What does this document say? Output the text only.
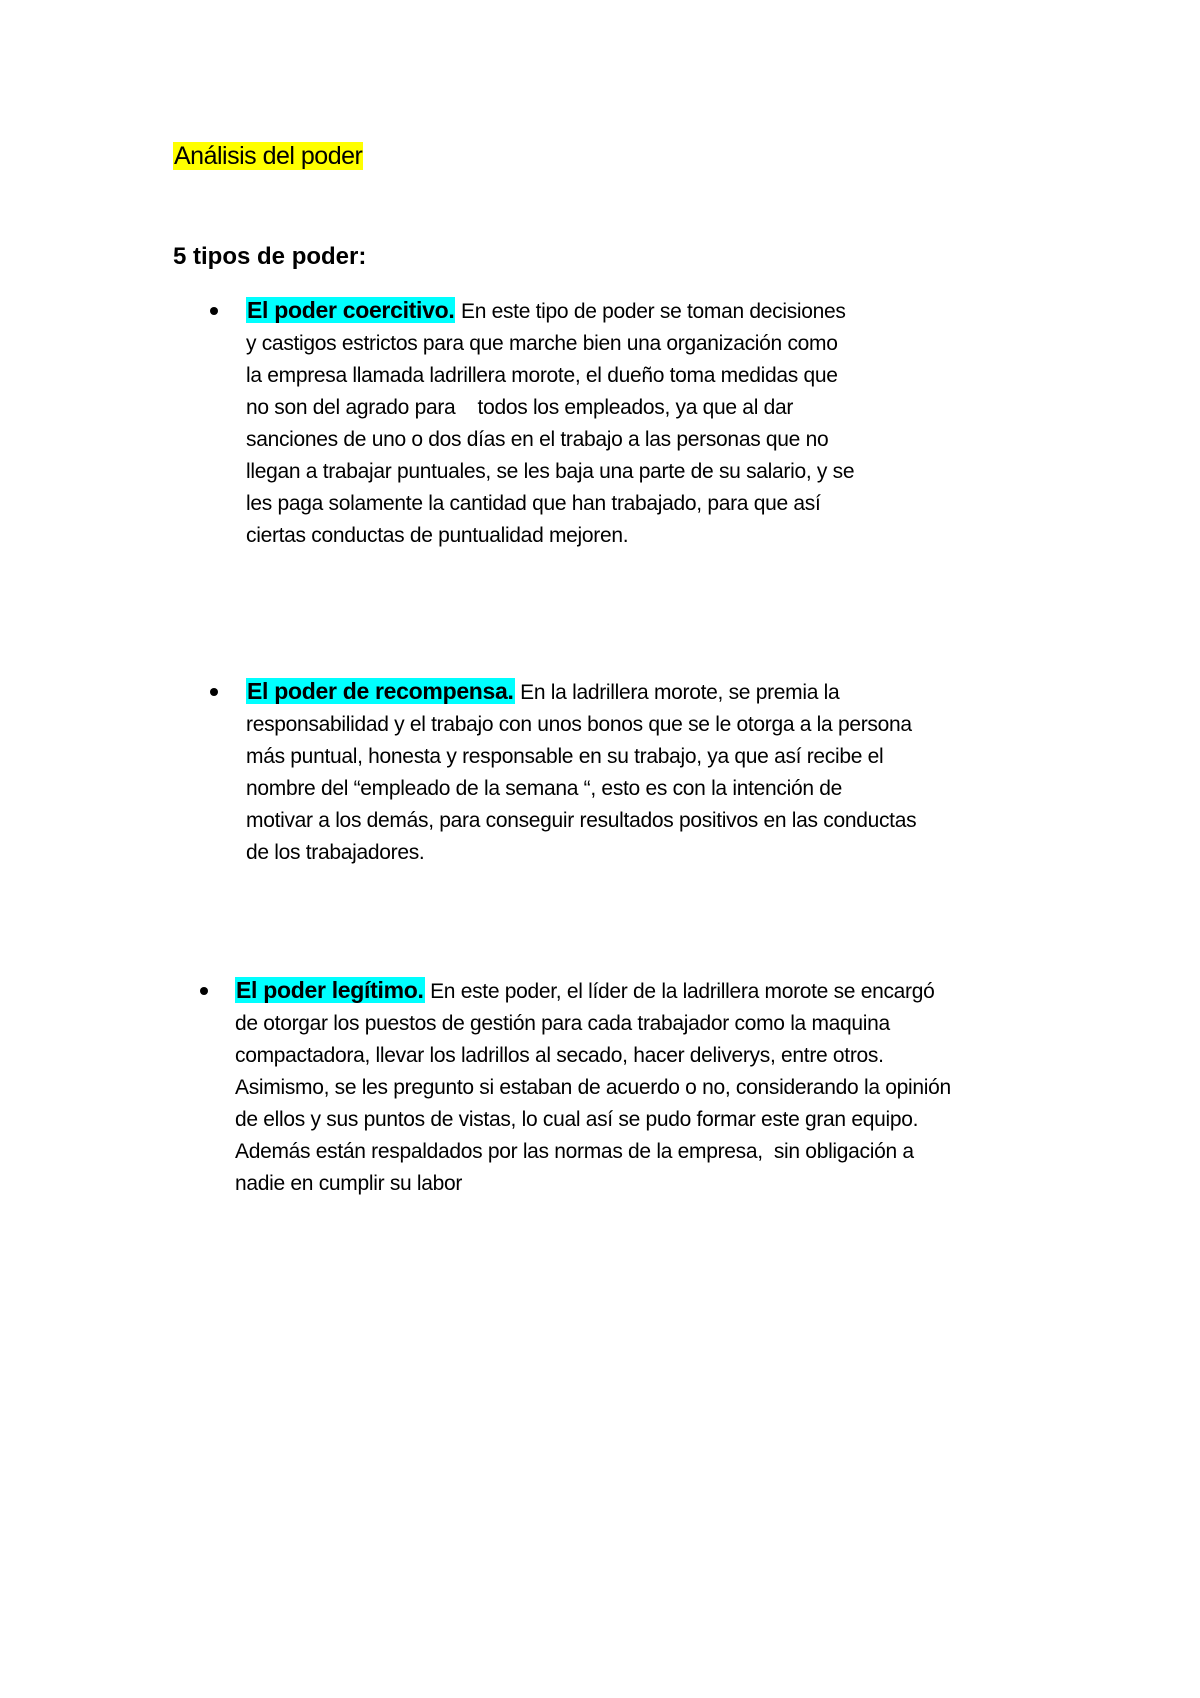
Análisis del poder
5 tipos de poder:
El poder coercitivo. En este tipo de poder se toman decisiones
y castigos estrictos para que marche bien una organización como
la empresa llamada ladrillera morote, el dueño toma medidas que
no son del agrado para    todos los empleados, ya que al dar
sanciones de uno o dos días en el trabajo a las personas que no
llegan a trabajar puntuales, se les baja una parte de su salario, y se
les paga solamente la cantidad que han trabajado, para que así
ciertas conductas de puntualidad mejoren.
El poder de recompensa. En la ladrillera morote, se premia la
responsabilidad y el trabajo con unos bonos que se le otorga a la persona
más puntual, honesta y responsable en su trabajo, ya que así recibe el
nombre del “empleado de la semana “, esto es con la intención de
motivar a los demás, para conseguir resultados positivos en las conductas
de los trabajadores.
El poder legítimo. En este poder, el líder de la ladrillera morote se encargó
de otorgar los puestos de gestión para cada trabajador como la maquina
compactadora, llevar los ladrillos al secado, hacer deliverys, entre otros.
Asimismo, se les pregunto si estaban de acuerdo o no, considerando la opinión
de ellos y sus puntos de vistas, lo cual así se pudo formar este gran equipo.
Además están respaldados por las normas de la empresa,  sin obligación a
nadie en cumplir su labor
